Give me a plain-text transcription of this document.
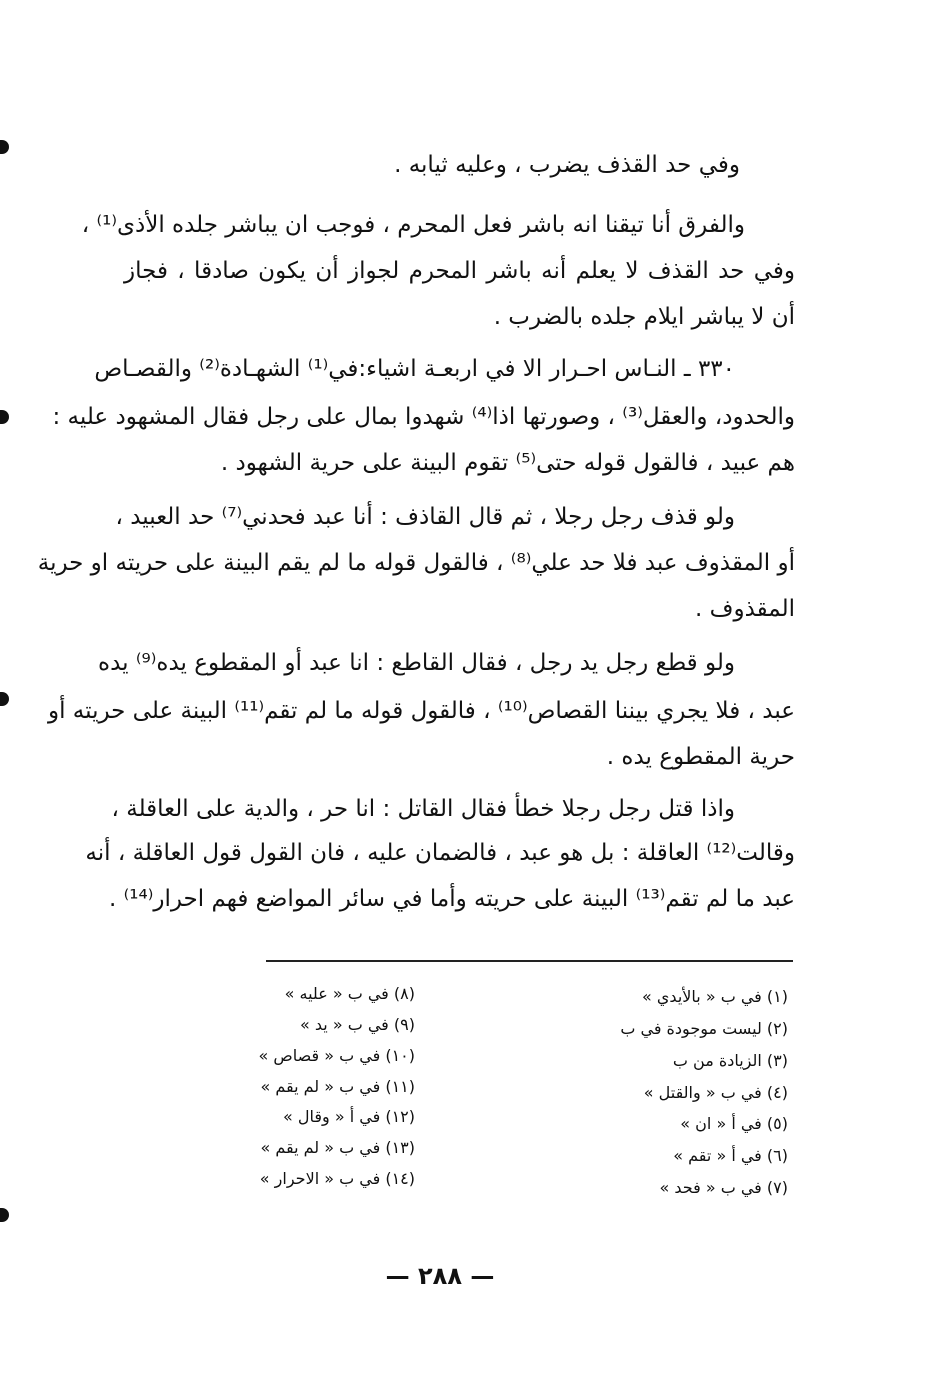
وفي حد القذف يضرب ، وعليه ثيابه .
والفرق أنا تيقنا انه باشر فعل المحرم ، فوجب ان يباشر جلده الأذى⁽¹⁾ ،
وفي حد القذف لا يعلم أنه باشر المحرم لجواز أن يكون صادقا ، فجاز
أن لا يباشر ايلام جلده بالضرب .
٣٣٠ ـ النـاس احـرار الا في اربعـة اشياء:في⁽¹⁾ الشهـادة⁽²⁾ والقصـاص
والحدود، والعقل⁽³⁾ ، وصورتها اذا⁽⁴⁾ شهدوا بمال على رجل فقال المشهود عليه :
هم عبيد ، فالقول قوله حتى⁽⁵⁾ تقوم البينة على حرية الشهود .
ولو قذف رجل رجلا ، ثم قال القاذف : أنا عبد فحدني⁽⁷⁾ حد العبيد ،
أو المقذوف عبد فلا حد علي⁽⁸⁾ ، فالقول قوله ما لم يقم البينة على حريته او حرية
المقذوف .
ولو قطع رجل يد رجل ، فقال القاطع : انا عبد أو المقطوع يده⁽⁹⁾ يده
عبد ، فلا يجري بيننا القصاص⁽¹⁰⁾ ، فالقول قوله ما لم تقم⁽¹¹⁾ البينة على حريته أو
حرية المقطوع يده .
واذا قتل رجل رجلا خطأ فقال القاتل : انا حر ، والدية على العاقلة ،
وقالت⁽¹²⁾ العاقلة : بل هو عبد ، فالضمان عليه ، فان القول قول العاقلة ، أنه
عبد ما لم تقم⁽¹³⁾ البينة على حريته وأما في سائر المواضع فهم احرار⁽¹⁴⁾ .
(١) في ب « بالأيدي »
(٢) ليست موجودة في ب
(٣) الزيادة من ب
(٤) في ب « والقتل »
(٥) في أ « ان »
(٦) في أ « تقم »
(٧) في ب « فحد »
(٨) في ب « عليه »
(٩) في ب « يد »
(١٠) في ب « قصاص »
(١١) في ب « لم يقم »
(١٢) في أ « وقال »
(١٣) في ب « لم يقم »
(١٤) في ب « الاحرار »
— ٢٨٨ —
